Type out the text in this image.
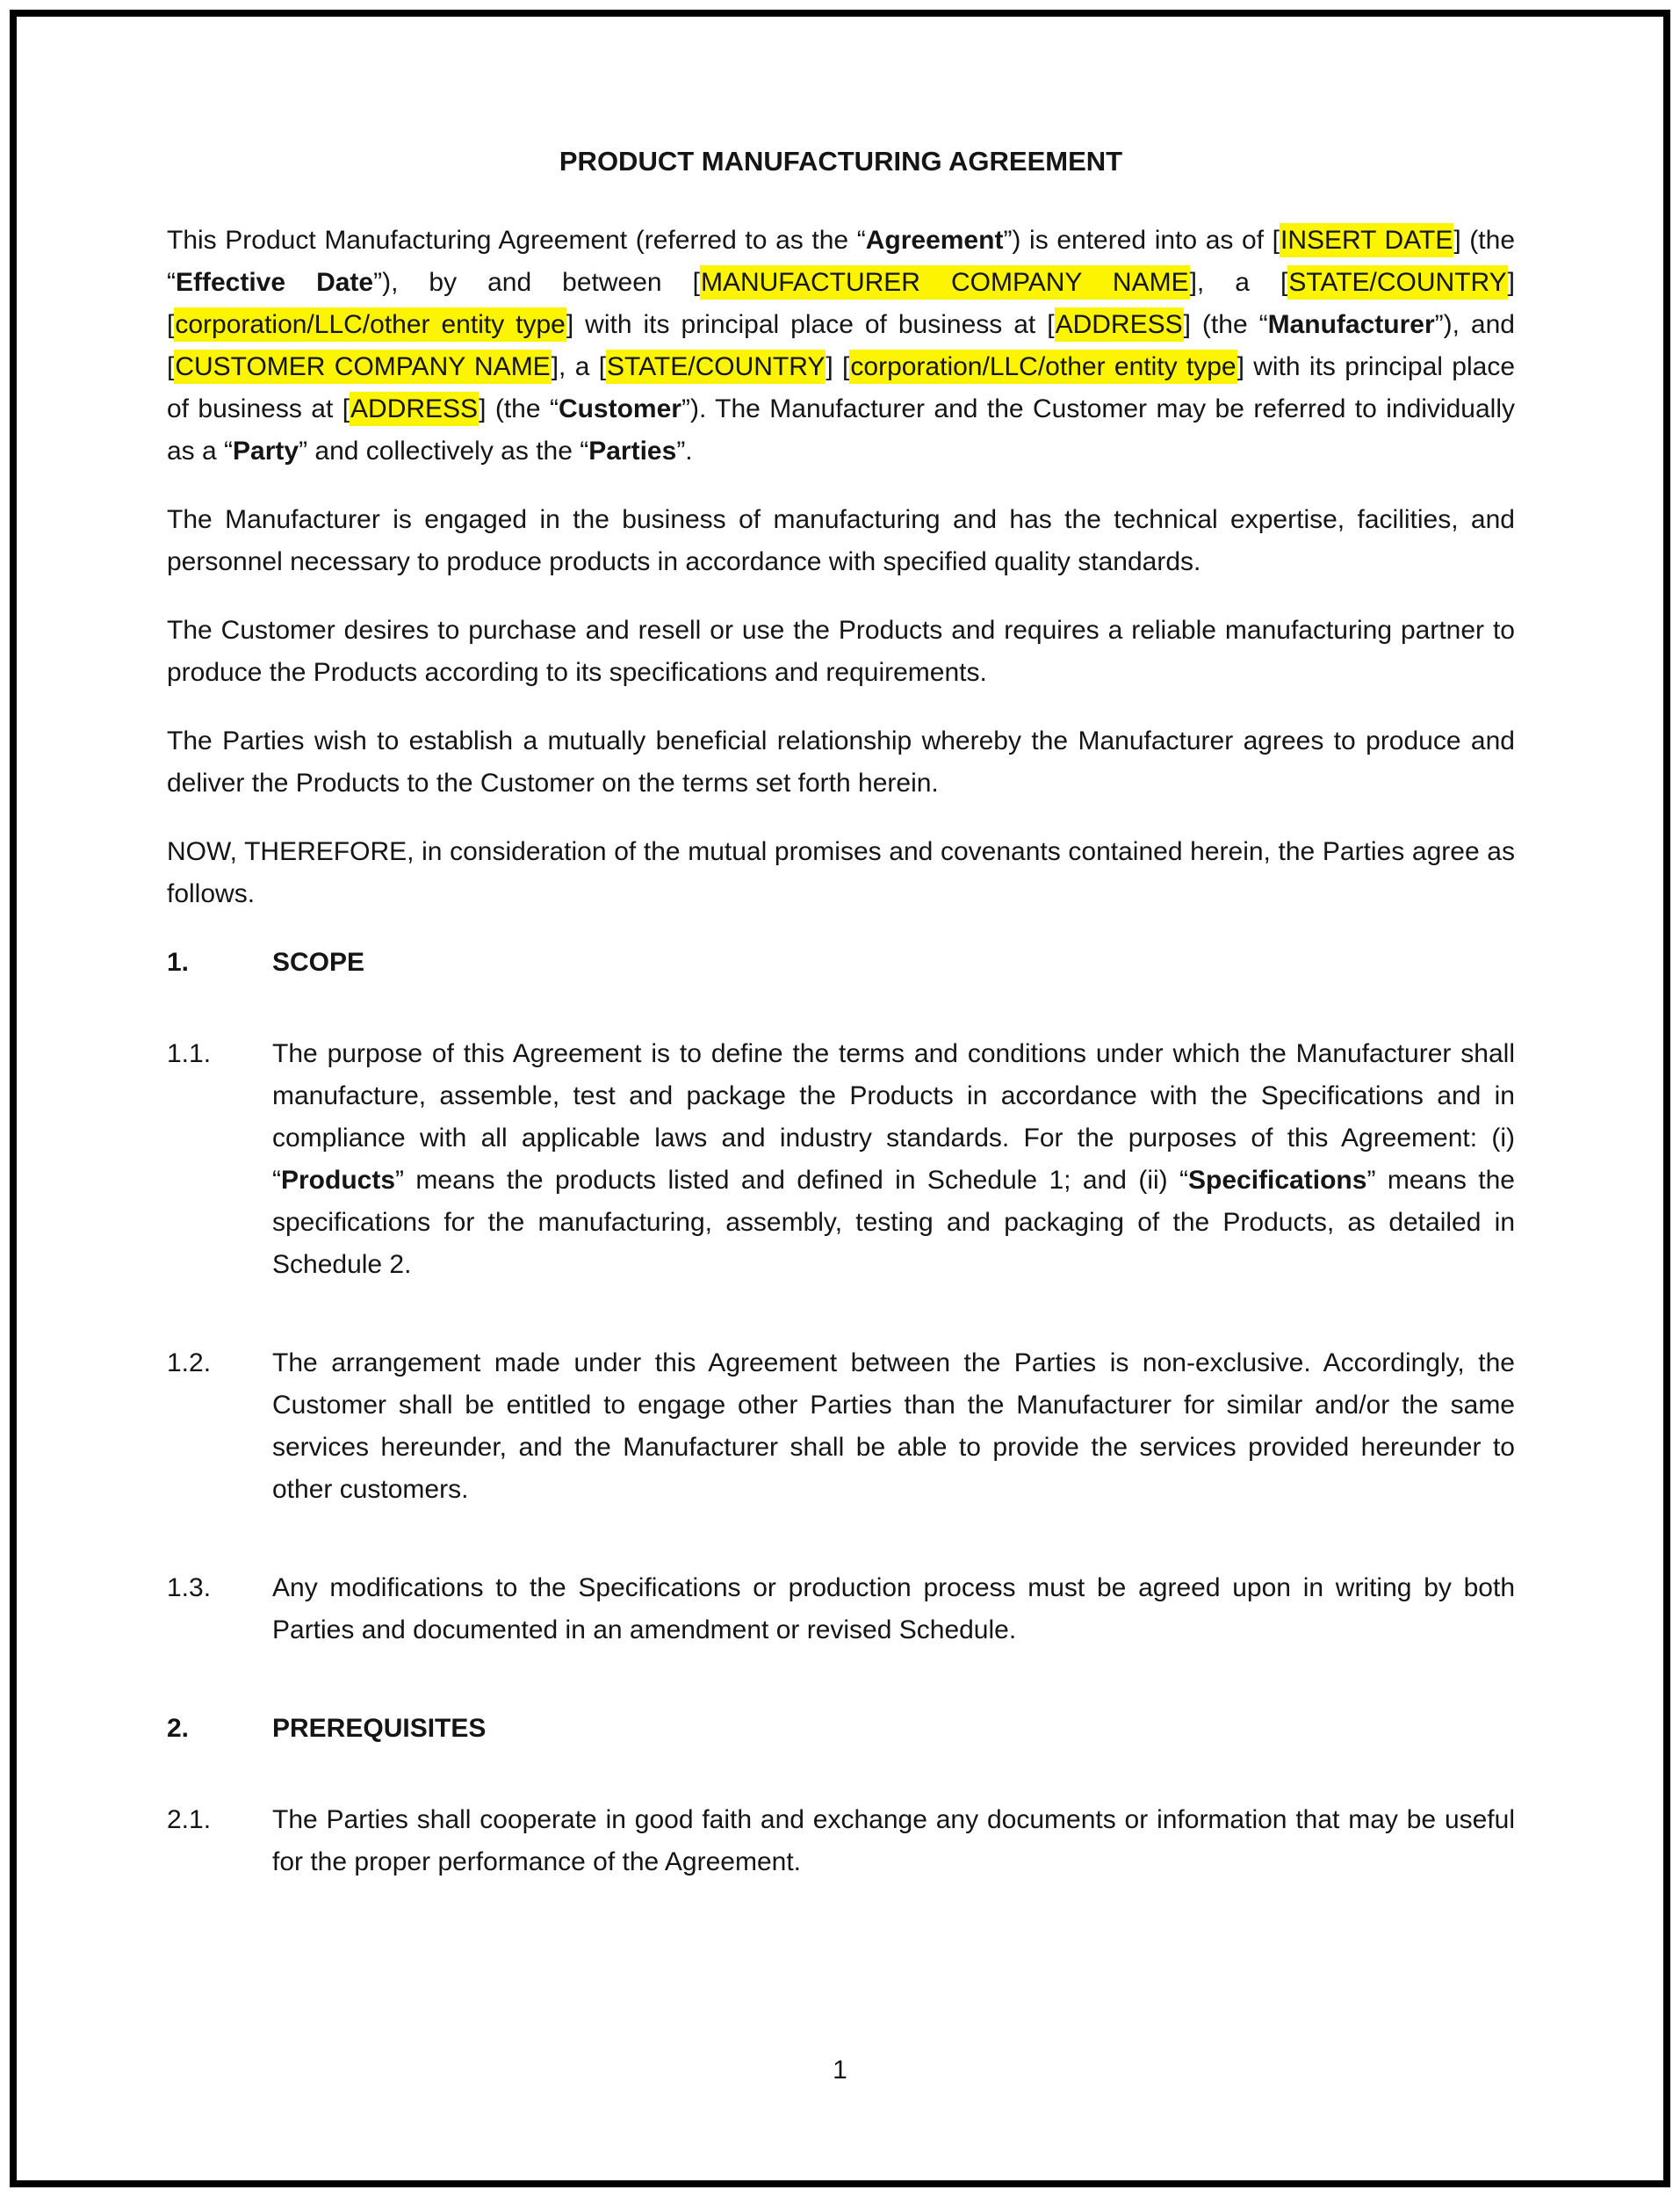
PRODUCT MANUFACTURING AGREEMENT

This Product Manufacturing Agreement (referred to as the “Agreement”) is entered into as of [INSERT DATE] (the “Effective Date”), by and between [MANUFACTURER COMPANY NAME], a [STATE/COUNTRY] [corporation/LLC/other entity type] with its principal place of business at [ADDRESS] (the “Manufacturer”), and [CUSTOMER COMPANY NAME], a [STATE/COUNTRY] [corporation/LLC/other entity type] with its principal place of business at [ADDRESS] (the “Customer”). The Manufacturer and the Customer may be referred to individually as a “Party” and collectively as the “Parties”.

The Manufacturer is engaged in the business of manufacturing and has the technical expertise, facilities, and personnel necessary to produce products in accordance with specified quality standards.

The Customer desires to purchase and resell or use the Products and requires a reliable manufacturing partner to produce the Products according to its specifications and requirements.

The Parties wish to establish a mutually beneficial relationship whereby the Manufacturer agrees to produce and deliver the Products to the Customer on the terms set forth herein.

NOW, THEREFORE, in consideration of the mutual promises and covenants contained herein, the Parties agree as follows.

1.	SCOPE
1.1.	The purpose of this Agreement is to define the terms and conditions under which the Manufacturer shall manufacture, assemble, test and package the Products in accordance with the Specifications and in compliance with all applicable laws and industry standards. For the purposes of this Agreement: (i) “Products” means the products listed and defined in Schedule 1; and (ii) “Specifications” means the specifications for the manufacturing, assembly, testing and packaging of the Products, as detailed in Schedule 2.
1.2.	The arrangement made under this Agreement between the Parties is non-exclusive. Accordingly, the Customer shall be entitled to engage other Parties than the Manufacturer for similar and/or the same services hereunder, and the Manufacturer shall be able to provide the services provided hereunder to other customers.
1.3.	Any modifications to the Specifications or production process must be agreed upon in writing by both Parties and documented in an amendment or revised Schedule.
2.	PREREQUISITES
2.1.	The Parties shall cooperate in good faith and exchange any documents or information that may be useful for the proper performance of the Agreement.
1
